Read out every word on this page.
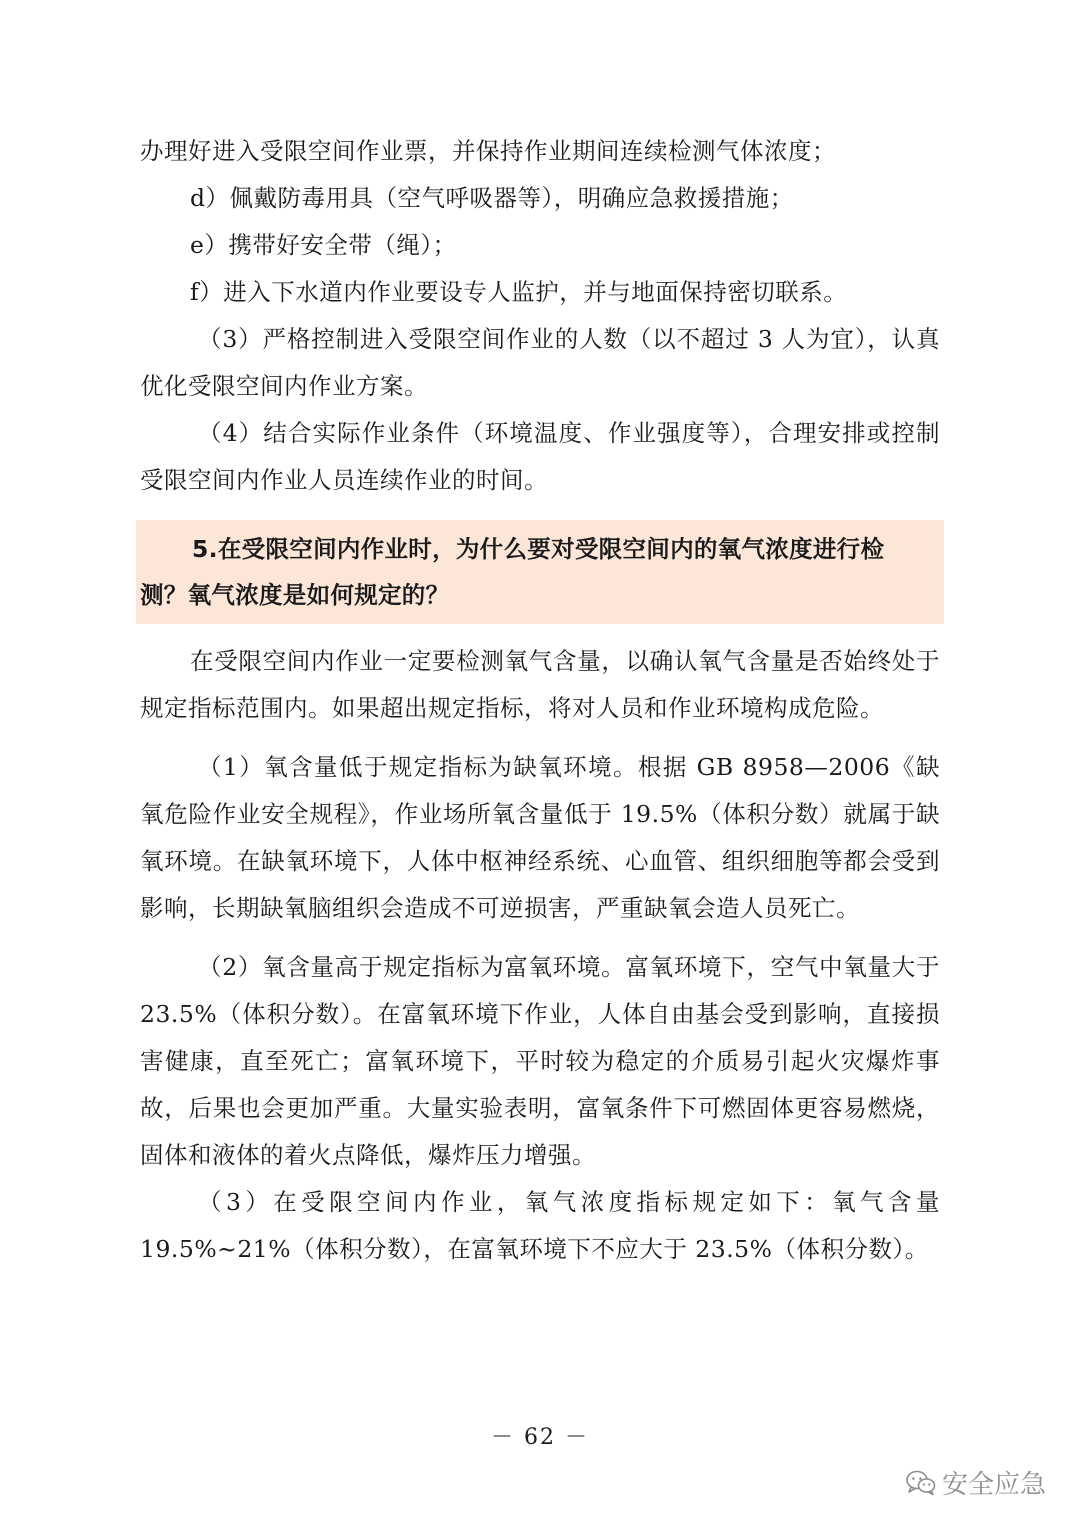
办理好进入受限空间作业票，并保持作业期间连续检测气体浓度；

d）佩戴防毒用具（空气呼吸器等），明确应急救援措施；

e）携带好安全带（绳）；

f）进入下水道内作业要设专人监护，并与地面保持密切联系。

（3）严格控制进入受限空间作业的人数（以不超过 3 人为宜），认真优化受限空间内作业方案。

（4）结合实际作业条件（环境温度、作业强度等），合理安排或控制受限空间内作业人员连续作业的时间。

5.在受限空间内作业时，为什么要对受限空间内的氧气浓度进行检测？氧气浓度是如何规定的？

在受限空间内作业一定要检测氧气含量，以确认氧气含量是否始终处于规定指标范围内。如果超出规定指标，将对人员和作业环境构成危险。

（1）氧含量低于规定指标为缺氧环境。根据 GB 8958—2006《缺氧危险作业安全规程》，作业场所氧含量低于 19.5%（体积分数）就属于缺氧环境。在缺氧环境下，人体中枢神经系统、心血管、组织细胞等都会受到影响，长期缺氧脑组织会造成不可逆损害，严重缺氧会造人员死亡。

（2）氧含量高于规定指标为富氧环境。富氧环境下，空气中氧量大于 23.5%（体积分数）。在富氧环境下作业，人体自由基会受到影响，直接损害健康，直至死亡；富氧环境下，平时较为稳定的介质易引起火灾爆炸事故，后果也会更加严重。大量实验表明，富氧条件下可燃固体更容易燃烧，固体和液体的着火点降低，爆炸压力增强。

（3）在受限空间内作业，氧气浓度指标规定如下：氧气含量 19.5%~21%（体积分数），在富氧环境下不应大于 23.5%（体积分数）。

－ 62 －
安全应急
